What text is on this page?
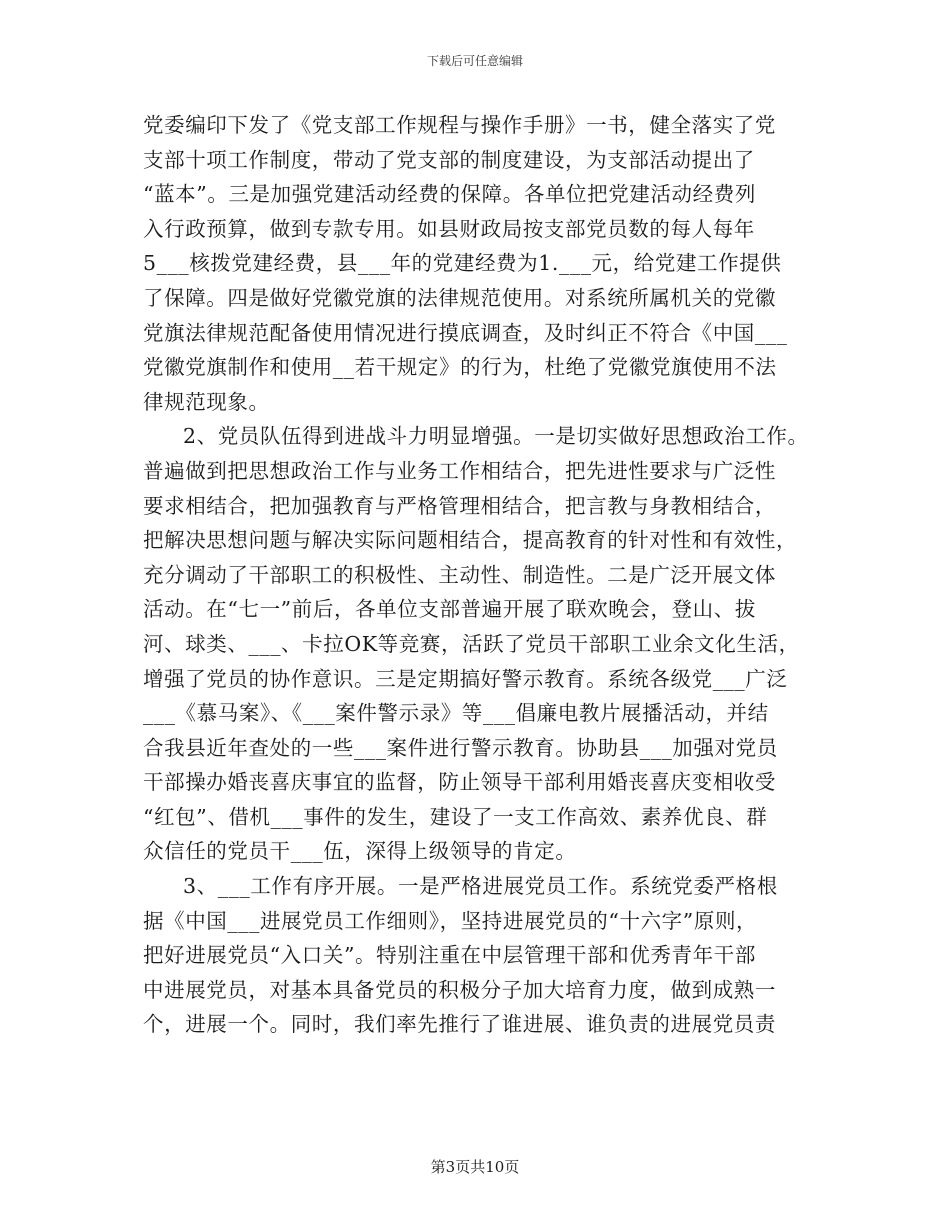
下载后可任意编辑
党委编印下发了《党支部工作规程与操作手册》一书，健全落实了党
支部十项工作制度，带动了党支部的制度建设，为支部活动提出了
“蓝本”。三是加强党建活动经费的保障。各单位把党建活动经费列
入行政预算，做到专款专用。如县财政局按支部党员数的每人每年
5___核拨党建经费，县___年的党建经费为1.___元，给党建工作提供
了保障。四是做好党徽党旗的法律规范使用。对系统所属机关的党徽
党旗法律规范配备使用情况进行摸底调查，及时纠正不符合《中国___
党徽党旗制作和使用__若干规定》的行为，杜绝了党徽党旗使用不法
律规范现象。
2、党员队伍得到进战斗力明显增强。一是切实做好思想政治工作。
普遍做到把思想政治工作与业务工作相结合，把先进性要求与广泛性
要求相结合，把加强教育与严格管理相结合，把言教与身教相结合，
把解决思想问题与解决实际问题相结合，提高教育的针对性和有效性，
充分调动了干部职工的积极性、主动性、制造性。二是广泛开展文体
活动。在“七一”前后，各单位支部普遍开展了联欢晚会，登山、拔
河、球类、___、卡拉OK等竞赛，活跃了党员干部职工业余文化生活，
增强了党员的协作意识。三是定期搞好警示教育。系统各级党___广泛
___《慕马案》、《___案件警示录》等___倡廉电教片展播活动，并结
合我县近年查处的一些___案件进行警示教育。协助县___加强对党员
干部操办婚丧喜庆事宜的监督，防止领导干部利用婚丧喜庆变相收受
“红包”、借机___事件的发生，建设了一支工作高效、素养优良、群
众信任的党员干___伍，深得上级领导的肯定。
3、___工作有序开展。一是严格进展党员工作。系统党委严格根
据《中国___进展党员工作细则》，坚持进展党员的“十六字”原则，
把好进展党员“入口关”。特别注重在中层管理干部和优秀青年干部
中进展党员，对基本具备党员的积极分子加大培育力度，做到成熟一
个，进展一个。同时，我们率先推行了谁进展、谁负责的进展党员责
第3页共10页
